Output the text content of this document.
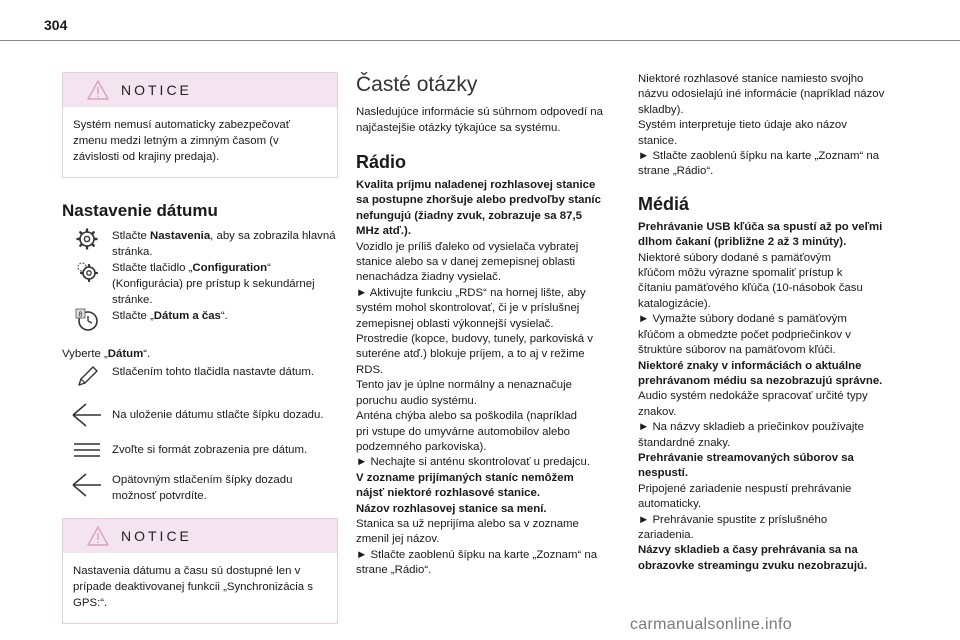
304
NOTICE
Systém nemusí automaticky zabezpečovať zmenu medzi letným a zimným časom (v závislosti od krajiny predaja).
Nastavenie dátumu
Stlačte Nastavenia, aby sa zobrazila hlavná stránka.
Stlačte tlačidlo „Configuration“ (Konfigurácia) pre prístup k sekundárnej stránke.
8	Stlačte „Dátum a čas“.
Vyberte „Dátum“.
Stlačením tohto tlačidla nastavte dátum.
Na uloženie dátumu stlačte šípku dozadu.
Zvoľte si formát zobrazenia pre dátum.
Opätovným stlačením šípky dozadu možnosť potvrdíte.
NOTICE
Nastavenia dátumu a času sú dostupné len v prípade deaktivovanej funkcii „Synchronizácia s GPS:“.
Časté otázky
Nasledujúce informácie sú súhrnom odpovedí na najčastejšie otázky týkajúce sa systému.
Rádio
Kvalita príjmu naladenej rozhlasovej stanice
sa postupne zhoršuje alebo predvoľby staníc
nefungujú (žiadny zvuk, zobrazuje sa 87,5
MHz atď.).
Vozidlo je príliš ďaleko od vysielača vybratej
stanice alebo sa v danej zemepisnej oblasti
nenachádza žiadny vysielač.
► Aktivujte funkciu „RDS“ na hornej lište, aby
systém mohol skontrolovať, či je v príslušnej
zemepisnej oblasti výkonnejší vysielač.
Prostredie (kopce, budovy, tunely, parkoviská v
suteréne atď.) blokuje príjem, a to aj v režime
RDS.
Tento jav je úplne normálny a nenaznačuje
poruchu audio systému.
Anténa chýba alebo sa poškodila (napríklad
pri vstupe do umyvárne automobilov alebo
podzemného parkoviska).
► Nechajte si anténu skontrolovať u predajcu.
V zozname prijímaných staníc nemôžem
nájsť niektoré rozhlasové stanice.
Názov rozhlasovej stanice sa mení.
Stanica sa už neprijíma alebo sa v zozname
zmenil jej názov.
► Stlačte zaoblenú šípku na karte „Zoznam“ na
strane „Rádio“.
Niektoré rozhlasové stanice namiesto svojho
názvu odosielajú iné informácie (napríklad názov
skladby).
Systém interpretuje tieto údaje ako názov
stanice.
► Stlačte zaoblenú šípku na karte „Zoznam“ na
strane „Rádio“.
Médiá
Prehrávanie USB kľúča sa spustí až po veľmi
dlhom čakaní (približne 2 až 3 minúty).
Niektoré súbory dodané s pamäťovým
kľúčom môžu výrazne spomaliť prístup k
čítaniu pamäťového kľúča (10-násobok času
katalogizácie).
► Vymažte súbory dodané s pamäťovým
kľúčom a obmedzte počet podpriečinkov v
štruktúre súborov na pamäťovom kľúči.
Niektoré znaky v informáciách o aktuálne
prehrávanom médiu sa nezobrazujú správne.
Audio systém nedokáže spracovať určité typy
znakov.
► Na názvy skladieb a priečinkov používajte
štandardné znaky.
Prehrávanie streamovaných súborov sa
nespustí.
Pripojené zariadenie nespustí prehrávanie
automaticky.
► Prehrávanie spustite z príslušného
zariadenia.
Názvy skladieb a časy prehrávania sa na
obrazovke streamingu zvuku nezobrazujú.
carmanualsonline.info
